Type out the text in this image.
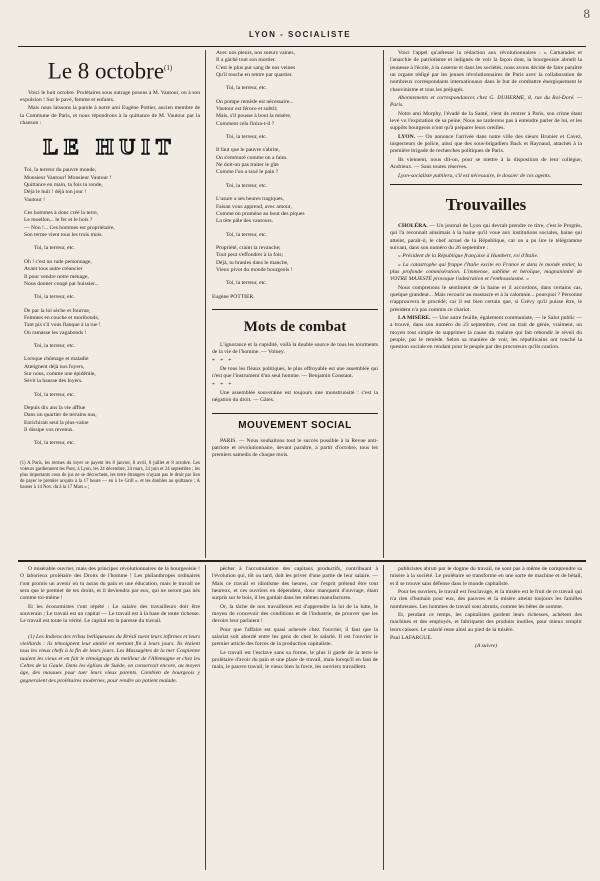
8
LYON - SOCIALISTE
Le 8 octobre$^{(1)}$

Voici le huit octobre. Prolétaires sous outrage posons à M. Vautour, ou à son expulsion ! Sur le pavé, femme et enfants.

Mais nous laissons la parole à notre ami Eugène Pottier, ancien membre de la Commune de Paris, et nous répondrons à la quittance de M. Vautour par la chanson :

LE HUIT

Toi, la terreur du pauvre monde,

Monsieur Vautour! Monsieur Vautour !

Quittance en main, ta fois ta ronde,

Déjà le huit ! déjà ton jour !

Vautour !

Ces hommes à donc créé la terre,

Le moellon... le fer et le bois ?

— Non !... Ces hommes est propriétaire,

Son terme vient tous les trois mois.

Toi, la terreur, etc.

Oh ! c'est un rude personnage,

Avant tous autre créancier

Il pour vendre notre ménage,

Nous donner congé par huissier...

Toi, la terreur, etc.

De par la loi sèche et fourrue,

Femmes en couche et moribonds,

Tant pis s'il vous flanque à la rue !

Où ramasse les vagabonds !

Toi, la terreur, etc.

Lorsque chômage et maladie

Atteignent déjà nos foyers,

Sur nous, comme une épidémie,

Sévit la hausse des loyers.

Toi, la terreur, etc.

Depuis dix ans la vie afflue

Dans un quartier de terrains nus,

Enrichirait seul la plus-value

Il dissipe vos revenus.

Toi, la terreur, etc.

(1) A Paris, les termes du loyer se payent les 8 janvier, 8 avril, 8 juillet et 8 octobre. Les voleurs gardiennent les Pont, à Lyon, les 24 décembre, 24 mars, 24 juin et 24 septembre ; les plus importants cous de jus ne se décrochent, les terre étrangers n'ayant pas le droit par lieu de payer le premier acquits à la 17 heure — en à 1e Grill ». et les doubles au quittance ; A hauser à 14 Nov. du à la 17 Mars » ;

Avec nos pleurs, nos sueurs vaines,

Il a gâché tout son mortier.

C'est le plus pur sang de nos veines

Qu'il touche en rentre par quartier.

Toi, la terreur, etc.

On pompe remède est nécessaire...

Vautour est féroce et subtil;

Mais, s'il pousse à bout la misère,

Comment cela finira-t-il ?

Toi, la terreur, etc.

Il faut que le pauvre s'abrite,

On s'emmuré comme on a faim.

Ne doit-on pas traiter le gîte

Comme l'on a taxé le pain ?

Toi, la terreur, etc.

L'usure a ses heures tragiques,

Faisan vous apprend, avec amour,

Comme on promène au bout des piques

La tête pâle des vautours.

Toi, la terreur, etc.

Propriété, craint la revanche;

Tout peut s'effondrer à la fois;

Déjà, tu branles dans le manche,

Vieux pivot du monde bourgeois !

Toi, la terreur, etc.

Eugène POTTIER.

Mots de combat

L'ignorance et la cupidité, voilà la double source de tous les tourments de la vie de l'homme. — Volney.

* * *

De tous les fléaux politiques, le plus effroyable est une assemblée qui n'est que l'instrument d'un seul homme. — Benjamin Constant.

* * *

Une assemblée souveraine est toujours une monstruosité : c'est la négation du droit. — Gâtes.

MOUVEMENT SOCIAL

PARIS. — Nous souhaitons tout le succès possible à la Revue anti-patriote et révolutionnaire, devant paraître, à partir d'octobre, tous les premiers samedis de chaque mois.

Voici l'appel qu'adresse la rédaction aux révolutionnaires : « Camarades et l'anarchie de patriotisme et indignés de voir la façon dont, la bourgeoisie abrutit la jeunesse à l'école, à la caserne et dans les sociétés, nous avons décidé de faire paraître un organe rédigé par les jeunes révolutionnaires de Paris avec la collaboration de nombreux correspondants internationaux dans le but de combattre énergiquement le chauvinisme et tous les préjugés.

Abonnements et correspondances chez G. DUHERME, 8, rue du Roi-Doré. — Paris.

Notre ami Morphy, l'évadé de la Santé, vient de rentrer à Paris, son crime étant levé vu l'expiration de sa peine. Nous ne tarderons pas à entendre parler de lui, et les suppôts bourgeois n'ont qu'à préparer leurs oreilles.

LYON. — On annonce l'arrivée dans notre ville des sieurs Brunier et Cavez, inspecteurs de police, ainsi que des sous-brigadiers Back et Raynaud, attachés à la première brigade de recherches politiques de Paris.

Ils viennent, nous dit-on, pour se mettre à la disposition de leur collègue, Andrieux. — Sans toutes réserves.

Lyon-socialiste publiera, s'il est nécessaire, le dossier de ces agents.

Trouvailles

CHOLÉRA. — Un journal de Lyon qui devrait prendre ce titre, c'est le Progrès, qui l'a reconnaît ainsimais à la haine qu'il voue aux institutions sociales, haine qui atteint, paraît-il, le chef actuel de la République, car on a pu lire le télégramme suivant, dans son numéro du 26 septembre :

« Président de la République française à Humbert, roi d'Italie.

« La catastrophe qui frappe l'Italie excite en France et dans le monde entier, la plus profonde commisération. L'immense, sublime et héroïque, magnanimité de VOTRE MAJESTÉ provoque l'admiration et l'enthousiasme. »

Nous comprenons le sentiment de la haine et il accordons, dans certains cas, quelque grandeur... Mais recourir au massacre et à la calomnie... pourquoi ? Personne n'approuvera le procédé; car il est bien certain que, si Grévy qu'il puisse être, le président n'a pas commis ce chariot.

LA MISÈRE. — Une autre feuille, également communiste, — le Salut public — a trouvé, dans son numéro du 23 septembre, c'est un trait de génie, vraiment, un moyen tout simple de supprimer la cause du malaire qui fait rebondir le réveil du peuple, par le remède. Selon sa manière de voir, les républicains ont touché la question sociale en rendant pour le peuple par des procureurs qu'ils caution.

O misérable ouvrier, mais des principes révolutionnaires de la bourgeoisie ! O laborieux prolétaire des Droits de l'homme ! Les philanthropes ordinaires t'ont promis un avenir où tu auras du pain et une éducation, mais le travail ne sera que le premier de tes droits, et il deviendra par eux, qui ne seront pas nés comme toi-même !

Et les économistes t'ont répété : Le salaire des travailleurs doit être souverain ; Le travail est un capital — Le travail est à la base de toute richesse. Le travail est toute la vérité. Le capital est la paresse du travail.

(1) Les Indiens des tribus belliqueuses du Brésil tuent leurs infirmes et leurs vieillards : ils témoignent leur amitié en mettant fin à leurs jours. Ils étaient tous les vieux chefs à la fin de leurs jours. Les Massagètes de la mer Caspienne tuaient les vieux et en fait le témoignage du meilleur de l'Allemagne et chez les Celtes de la Gaule. Dans les églises de Suède, on conservait encore, au moyen âge, des massues pour tuer leurs vieux parents. Combien de bourgeois y gagneraient des prolétaires modernes, pour rendre un patient malade.

pêcher à l'accumulation des capitaux productifs, contribuant à l'évolution qui, tôt ou tard, doit les priver d'une partie de leur salaire. — Mais ce travail et idiotisme des heures, car l'esprit prétend être tout heureux, et ces ouvriers en dépendent, donc manquent d'ouvrage, étant surpris sur le bois, il les gardait dans les mêmes manufactures.

Or, la tâche de nos travailleurs est d'apprendre la loi de la lutte, le moyen de concevoir des conditions et de l'industrie, de prouver que les devoirs leur parlaient !

Pour que l'affaire est quasi achevée chez l'ouvrier, il faut que la salariat soit abordé entre les gens de chez le salarié. Il est l'ouvrier le premier article des forces de la production capitaliste.

Le travail est l'esclave sans sa forme, le plus il garde de la terre le prolétaire d'avoir du pain et une place de travail, mais lorsqu'il en faut de main, le pauvre travail, le vieux bien la force, les ouvriers travaillent.

publicistes abruti par le dogme du travail, ne sont pas à même de comprendre sa misère à la société. Le prolétaire se transforme en une sorte de machine et de bétail, et il se trouve sans défense dans le monde capitaliste.

Pour les ouvriers, le travail est l'esclavage, et la misère est le fruit de ce travail qui n'a rien d'humain pour eux, des pauvres et la misère atteint toujours les familles nombreuses. Les hommes de travail sont abrutis, comme les bêtes de somme.

Et, pendant ce temps, les capitalistes gardent leurs richesses, achètent des machines et des employés, et fabriquent des produits inutiles, pour mieux remplir leurs caisses. Le salarié reste ainsi au pied de la misère.

Paul LAFARGUE.

(A suivre)
